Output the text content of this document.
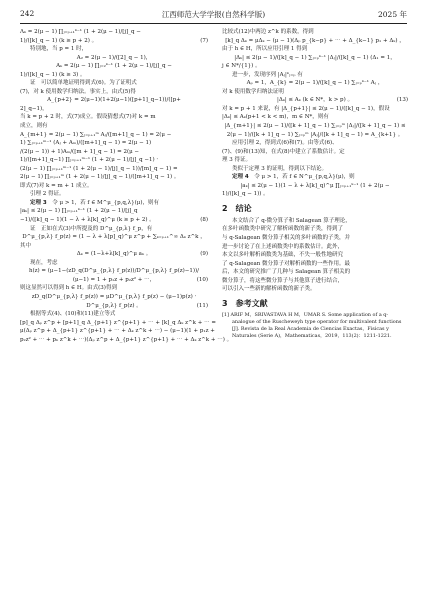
242	江西师范大学学报(自然科学版)	2025 年
Λₖ = 2(μ − 1) ∏ⱼ₌ₚ₊₁ᵏ⁻¹ (1 + 2(μ − 1)/[j]_q −
1)/([k]_q − 1) (k ≥ p + 2) 。	(7)
特别地，当 p = 1 时，
A₂ = 2(μ − 1)/([2]_q − 1)，
Aₖ = 2(μ − 1) ∏ⱼ₌₂ᵏ⁻¹ (1 + 2(μ − 1)/[j]_q −
1)/([k]_q − 1) (k ≥ 3) 。
证　可以简单地证明得到式(6)。为了证明式
(7)，对 k 使用数学归纳法。事实上，由式(5)得
A_{p+2} = 2(μ−1)(1+2(μ−1)([p+1]_q−1))/([p+
2]_q−1)，
当 k = p + 2 时，式(7)成立。假设猜想式(7)对 k = m
成立，则有
A_{m+1} = 2(μ − 1) ∑ⱼ₌ₚ₊₁ᵐ Aⱼ/([m+1]_q − 1) = 2(μ −
1) ∑ⱼ₌ₚ₊₁ᵐ⁻¹ (Aⱼ + Aₘ)/([m+1]_q − 1) = 2(μ − 1)
/(2(μ − 1)) + 1)Aₘ/([m + 1]_q − 1) = 2(μ −
1)/([m+1]_q−1) ∏ⱼ₌ₚ₊₁ᵐ⁻¹ (1 + 2(μ − 1)/[j]_q −1) ·
(2(μ − 1) ∏ⱼ₌ₚ₊₁ᵐ⁻¹ (1 + 2(μ − 1)/[j]_q − 1))/[m]_q − 1) =
2(μ − 1) ∏ⱼ₌ₚ₊₁ᵐ (1 + 2(μ − 1)/[j]_q − 1)/([m+1]_q − 1) 。
即式(7)对 k = m + 1 成立。
引理 2 得证。
定理 3　令 μ > 1，若 f ∈ M^μ_{p,q,λ}(μ)，则有
|aₖ| ≤ 2(μ − 1) ∏ⱼ₌ₚ₊₁ᵏ⁻¹ (1 + 2(μ − 1)/[j]_q
−1)/([k]_q − 1)(1 − λ + λ[k]_q)^μ (k ≥ p + 2) 。	(8)
证　正如在式(3)中所提及的 D^μ_{p,λ} f_p，有
D^μ_{p,λ} f_p(z) = (1 − λ + λ[p]_q)^μ z^p + ∑ₖ₌ₚ₊₁^∞ Δₖ z^k ，
其中
Δₖ = (1−λ+λ[k]_q)^μ aₖ 。	(9)
现在，考虑
h(z) = (μ−1−(zD_q(D^μ_{p,λ} f_p(z))/D^μ_{p,λ} f_p(z)−1))/
(μ−1) = 1 + p₁z + p₂z² + ⋯，	(10)
则这显然可以得到 h ∈ H。由式(3)得到
zD_q(D^μ_{p,λ} f_p(z)) = μD^μ_{p,λ} f_p(z) − (μ−1)p(z) ·
D^μ_{p,λ} f_p(z) 。	(11)
根据等式(4)、(10)和(11)建立等式
[p]_q Δₚ z^p + [p+1]_q Δ_{p+1} z^{p+1} + ⋯ + [k]_q Δₖ z^k + ⋯ =
μ(Δₚ z^p + Δ_{p+1} z^{p+1} + ⋯ + Δₖ z^k + ⋯) − (μ−1)(1 + p₁z +
p₂z² + ⋯ + pₖ z^k + ⋯)(Δₚ z^p + Δ_{p+1} z^{p+1} + ⋯ + Δₖ z^k + ⋯) 。
比较式(12)中两边 z^k 的系数，得到
[k]_q Δₖ = μΔₖ − (μ − 1)(Δₚ p_{k−p} + ⋯ + Δ_{k−1} p₁ + Δₖ) ，
由于 h ∈ H，所以应用引理 1 得到
|Δₖ| ≤ 2(μ − 1)/([k]_q − 1) ∑ⱼ₌ₚᵏ⁻¹ |Δⱼ|/([k]_q − 1) (Δ₁ = 1，
j ∈ N*/{1}) 。
进一步，发现序列 |Aⱼ|ᵏⱼ₌ₚ 有
Aₚ = 1，A_{k} = 2(μ − 1)/([k]_q − 1) ∑ⱼ₌ₚᵏ⁻¹ Aⱼ ，
对 k 使用数学归纳法证明
|Δₖ| ≤ Aₖ (k ∈ N*，k > p) 。	(13)
对 k = p + 1 来说，有 |Δ_{p+1}| ≤ 2(μ − 1)/([k]_q − 1)，假设
|Δₖ| ≤ Aₖ(p+1 < k < m)，m ∈ N*，则有
|Δ_{m+1}| ≤ 2(μ − 1)/([k + 1]_q − 1) ∑ⱼ₌ₚᵐ |Δⱼ|/([k + 1]_q − 1) ≤
2(μ − 1)/([k + 1]_q − 1) ∑ⱼ₌ₚᵐ |Aⱼ|/([k + 1]_q − 1) = A_{k+1} 。
应用引理 2，得到式(6)和(7)。由等式(6)、
(7)、(9)和(13)知，在式(8)中建立了系数估计。定
理 3 得证。
类似于定理 3 的证明，得到以下结论。
定理 4　令 μ > 1，若 f ∈ N^μ_{p,q,λ}(μ)，则
|aₖ| ≤ 2(μ − 1)(1 − λ + λ[k]_q)^μ ∏ⱼ₌ₚ₊₁ᵏ⁻¹ (1 + 2(μ −
1)/([k]_q − 1)) 。
2　结论
本文结合了 q-微分算子和 Salagean 算子理论，
在多叶函数类中研究了解析函数的新子类，得到了
与 q-Salagean 微分算子相关的多叶函数的子类，并
进一步讨论了在上述函数类中的系数估计。此外，
本文以多叶解析函数类为基础，不失一般性地研究
了 q-Salagean 微分算子对解析函数的一些作用。最
后，本文的研究推广了几种与 Salagean 算子相关的
微分算子，将这些微分算子与其他算子进行结合，
可以引入一些新的解析函数的新子类。
3　参考文献
[1] ARIF M，SRIVASTAVA H M，UMAR S. Some application of a q-analogue of the Ruscheweyh type operator for multivalent functions [J]. Revista de la Real Academia de Ciencias Exactas，Fisicas y Naturales (Serie A)，Mathematicas，2019，113(2)：1211-1221.
